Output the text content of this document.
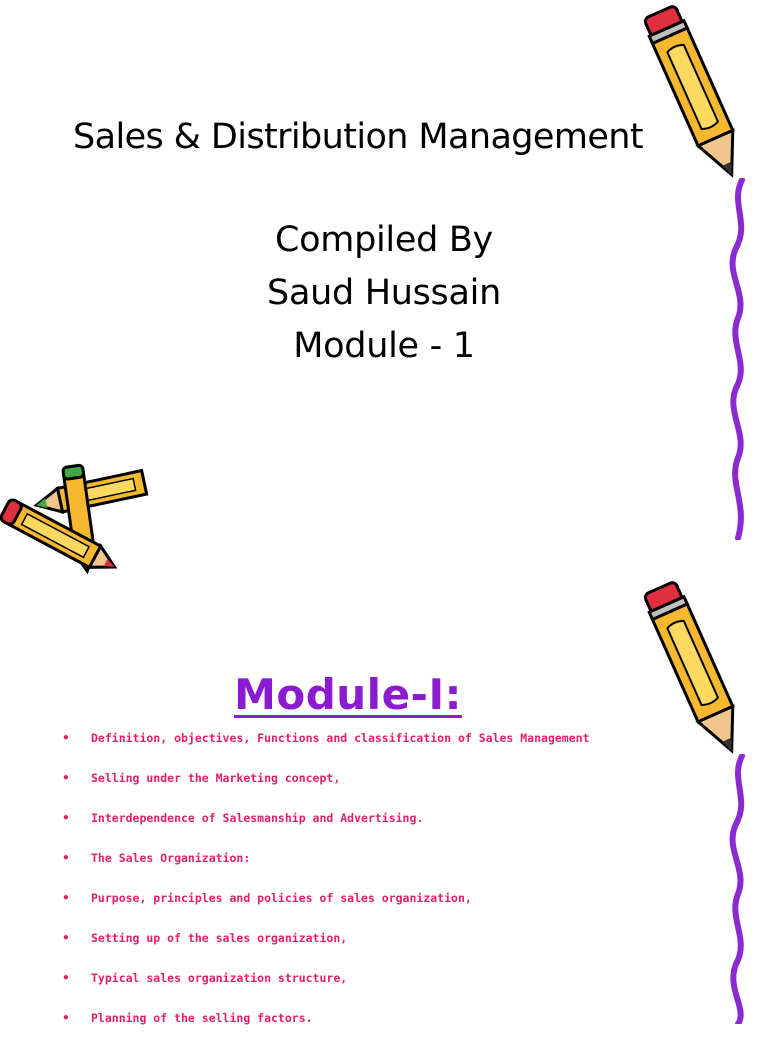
Sales & Distribution Management
Compiled By
Saud Hussain
Module - 1
Module-I:
• Definition, objectives, Functions and classification of Sales Management
• Selling under the Marketing concept,
• Interdependence of Salesmanship and Advertising.
• The Sales Organization:
• Purpose, principles and policies of sales organization,
• Setting up of the sales organization,
• Typical sales organization structure,
• Planning of the selling factors.
